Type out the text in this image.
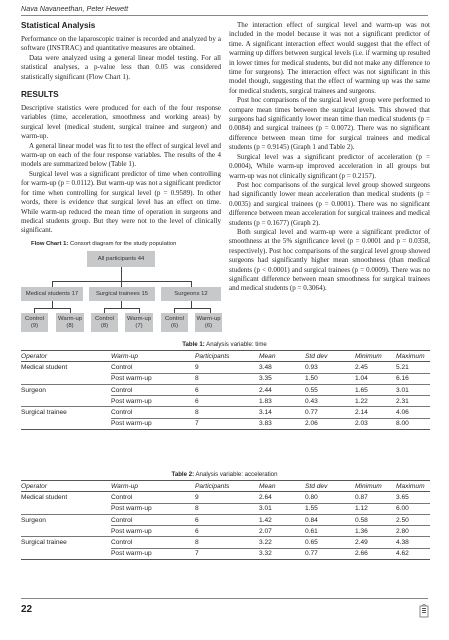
Nava Navaneethan, Peter Hewett
Statistical Analysis

Performance on the laparoscopic trainer is recorded and analyzed by a software (INSTRAC) and quantitative measures are obtained.

Data were analyzed using a general linear model testing. For all statistical analyses, a p-value less than 0.05 was considered statistically significant (Flow Chart 1).

RESULTS

Descriptive statistics were produced for each of the four response variables (time, acceleration, smoothness and working areas) by surgical level (medical student, surgical trainee and surgeon) and warm-up.

A general linear model was fit to test the effect of surgical level and warm-up on each of the four response variables. The results of the 4 models are summarized below (Table 1).

Surgical level was a significant predictor of time when controlling for warm-up (p = 0.0112). But warm-up was not a significant predictor for time when controlling for surgical level (p = 0.9589). In other words, there is evidence that surgical level has an effect on time. While warm-up reduced the mean time of operation in surgeons and medical students group. But they were not to the level of clinically significant.

Flow Chart 1: Consort diagram for the study population
All participants 44
Medical students 17	Surgical trainees 15	Surgeons 12
Control (9)
Warm-up (8)
Control (8)
Warm-up (7)
Control (6)
Warm-up (6)

The interaction effect of surgical level and warm-up was not included in the model because it was not a significant predictor of time. A significant interaction effect would suggest that the effect of warming up differs between surgical levels (i.e. if warming up resulted in lower times for medical students, but did not make any difference to time for surgeons). The interaction effect was not significant in this model though, suggesting that the effect of warming up was the same for medical students, surgical trainees and surgeons.

Post hoc comparisons of the surgical level group were performed to compare mean times between the surgical levels. This showed that surgeons had significantly lower mean time than medical students (p = 0.0084) and surgical trainees (p = 0.0072). There was no significant difference between mean time for surgical trainees and medical students (p = 0.9145) (Graph 1 and Table 2).

Surgical level was a significant predictor of acceleration (p = 0.0004), While warm-up improved acceleration in all groups but warm-up was not clinically significant (p = 0.2157).

Post hoc comparisons of the surgical level group showed surgeons had significantly lower mean acceleration than medical students (p = 0.0035) and surgical trainees (p = 0.0001). There was no significant difference between mean acceleration for surgical trainees and medical students (p = 0.1677) (Graph 2).

Both surgical level and warm-up were a significant predictor of smoothness at the 5% significance level (p = 0.0001 and p = 0.0358, respectively). Post hoc comparisons of the surgical level group showed surgeons had significantly higher mean smoothness (than medical students (p < 0.0001) and surgical trainees (p = 0.0009). There was no significant difference between mean smoothness for surgical trainees and medical students (p = 0.3064).

Table 1: Analysis variable: time
Operator	Warm-up	Participants	Mean	Std dev	Minimum	Maximum
Medical student	Control	9	3.48	0.93	2.45	5.21
	Post warm-up	8	3.35	1.50	1.04	6.16
Surgeon	Control	6	2.44	0.55	1.65	3.01
	Post warm-up	6	1.83	0.43	1.22	2.31
Surgical trainee	Control	8	3.14	0.77	2.14	4.06
	Post warm-up	7	3.83	2.06	2.03	8.00
Table 2: Analysis variable: acceleration
Operator	Warm-up	Participants	Mean	Std dev	Minimum	Maximum
Medical student	Control	9	2.64	0.80	0.87	3.65
	Post warm-up	8	3.01	1.55	1.12	6.00
Surgeon	Control	6	1.42	0.84	0.58	2.50
	Post warm-up	6	2.07	0.61	1.36	2.80
Surgical trainee	Control	8	3.22	0.65	2.49	4.38
	Post warm-up	7	3.32	0.77	2.66	4.62
22
